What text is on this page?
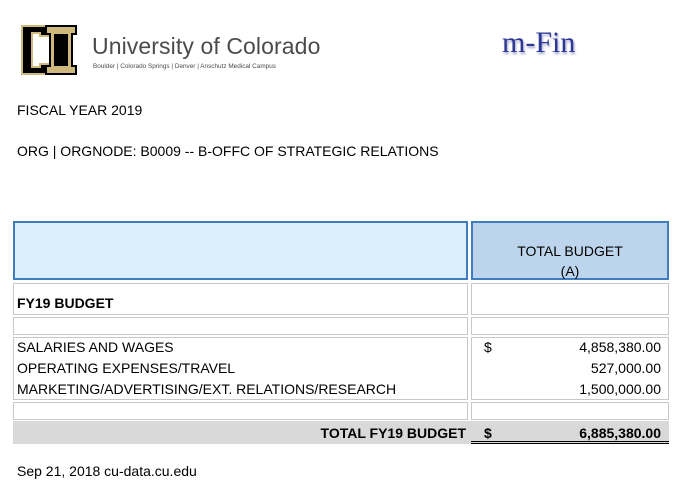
University of Colorado
Boulder | Colorado Springs | Denver | Anschutz Medical Campus
m-Fin
FISCAL YEAR 2019
ORG | ORGNODE: B0009 -- B-OFFC OF STRATEGIC RELATIONS
TOTAL BUDGET
(A)
FY19 BUDGET
SALARIES AND WAGES	$	4,858,380.00
OPERATING EXPENSES/TRAVEL	527,000.00
MARKETING/ADVERTISING/EXT. RELATIONS/RESEARCH	1,500,000.00
TOTAL FY19 BUDGET $	6,885,380.00
Sep 21, 2018 cu-data.cu.edu
